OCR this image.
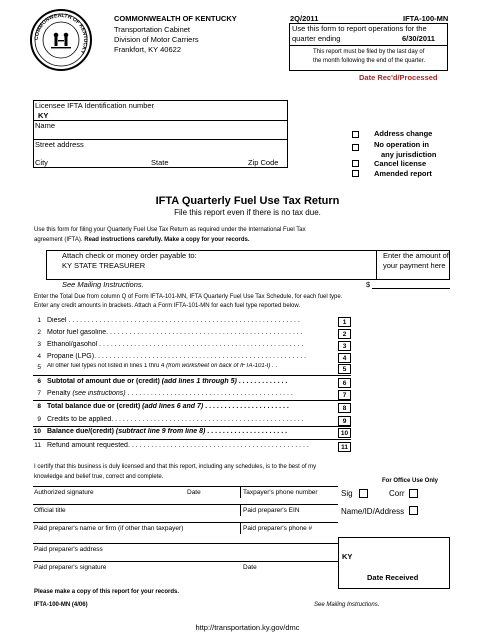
COMMONWEALTH OF KENTUCKY
COMMONWEALTH OF KENTUCKY
Transportation Cabinet
Division of Motor Carriers
Frankfort, KY 40622
2Q/2011	IFTA-100-MN
Use this form to report operations for the
quarter ending	6/30/2011
This report must be filed by the last day of
the month following the end of the quarter.
Date Rec'd/Processed
Licensee IFTA Identification number
KY
Name
Street address
City	State	Zip Code
Address change
No operation in
any jurisdiction
Cancel license
Amended report
IFTA Quarterly Fuel Use Tax Return
File this report even if there is no tax due.
Use this form for filing your Quarterly Fuel Use Tax Return as required under the International Fuel Tax
agreement (IFTA). Read instructions carefully. Make a copy for your records.
Attach check or money order payable to:
KY STATE TREASURER
Enter the amount of
your payment here
See Mailing Instructions.	$
Enter the Total Due from column Q of Form IFTA-101-MN, IFTA Quarterly Fuel Use Tax Schedule, for each fuel type.
Enter any credit amounts in brackets. Attach a Form IFTA-101-MN for each fuel type reported below.
1 Diesel . . . . . . . . . . . . . . . . . . . . . . . . . . . . . . . . . . . . . . . . . . . . . . . . . . . . . . . . . . . .	1
2 Motor fuel gasoline. . . . . . . . . . . . . . . . . . . . . . . . . . . . . . . . . . . . . . . . . . . . . . . . . . .	2
3 Ethanol/gasohol . . . . . . . . . . . . . . . . . . . . . . . . . . . . . . . . . . . . . . . . . . . . . . . . . . . . .	3
4 Propane (LPG). . . . . . . . . . . . . . . . . . . . . . . . . . . . . . . . . . . . . . . . . . . . . . . . . . . . . . .	4
5 All other fuel types not listed in lines 1 thru 4 (from worksheet on back of IFTA-101-I) . .	5
6 Subtotal of amount due or (credit) (add lines 1 through 5) . . . . . . . . . . . . .	6
7 Penalty (see instructions) . . . . . . . . . . . . . . . . . . . . . . . . . . . . . . . . . . . . . . . . . . .	7
8 Total balance due or (credit) (add lines 6 and 7) . . . . . . . . . . . . . . . . . . . . . .	8
9 Credits to be applied. . . . . . . . . . . . . . . . . . . . . . . . . . . . . . . . . . . . . . . . . . . . . . . . . .	9
10 Balance due/(credit) (subtract line 9 from line 8) . . . . . . . . . . . . . . . . . . . . .	10
11 Refund amount requested. . . . . . . . . . . . . . . . . . . . . . . . . . . . . . . . . . . . . . . . . . . . . . .	11
I certify that this business is duly licensed and that this report, including any schedules, is to the best of my
knowledge and belief true, correct and complete.
Authorized signature	Date	Taxpayer's phone number
Official title	Paid preparer's EIN
Paid preparer's name or firm (if other than taxpayer)	Paid preparer's phone #
Paid preparer's address
Paid preparer's signature	Date
For Office Use Only
Sig	Corr
Name/ID/Address
KY
Date Received
Please make a copy of this report for your records.
IFTA-100-MN (4/06)	See Mailing Instructions.
http://transportation.ky.gov/dmc
